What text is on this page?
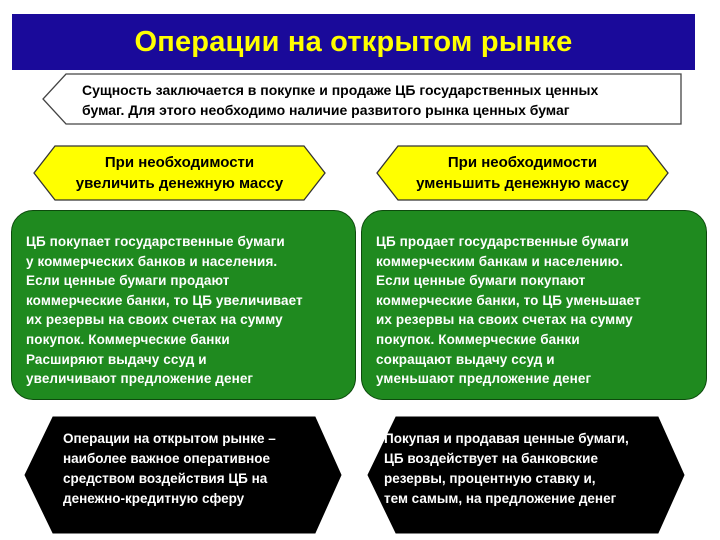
Операции на открытом рынке
Сущность заключается в покупке и продаже ЦБ государственных ценных
бумаг. Для этого необходимо наличие развитого рынка ценных бумаг
При необходимости
увеличить денежную массу
При необходимости
уменьшить денежную массу
ЦБ покупает государственные бумаги
у коммерческих банков и населения.
Если ценные бумаги продают
коммерческие банки, то ЦБ увеличивает
их резервы на своих счетах на сумму
покупок. Коммерческие банки
Расширяют выдачу ссуд и
увеличивают предложение денег
ЦБ продает государственные бумаги
коммерческим банкам и населению.
Если ценные бумаги покупают
коммерческие банки, то ЦБ уменьшает
их резервы на своих счетах на сумму
покупок. Коммерческие банки
сокращают выдачу ссуд и
уменьшают предложение денег
Операции на открытом рынке –
наиболее важное оперативное
средством воздействия ЦБ на
денежно-кредитную сферу
Покупая и продавая ценные бумаги,
ЦБ воздействует на банковские
резервы, процентную ставку и,
тем самым, на предложение денег
